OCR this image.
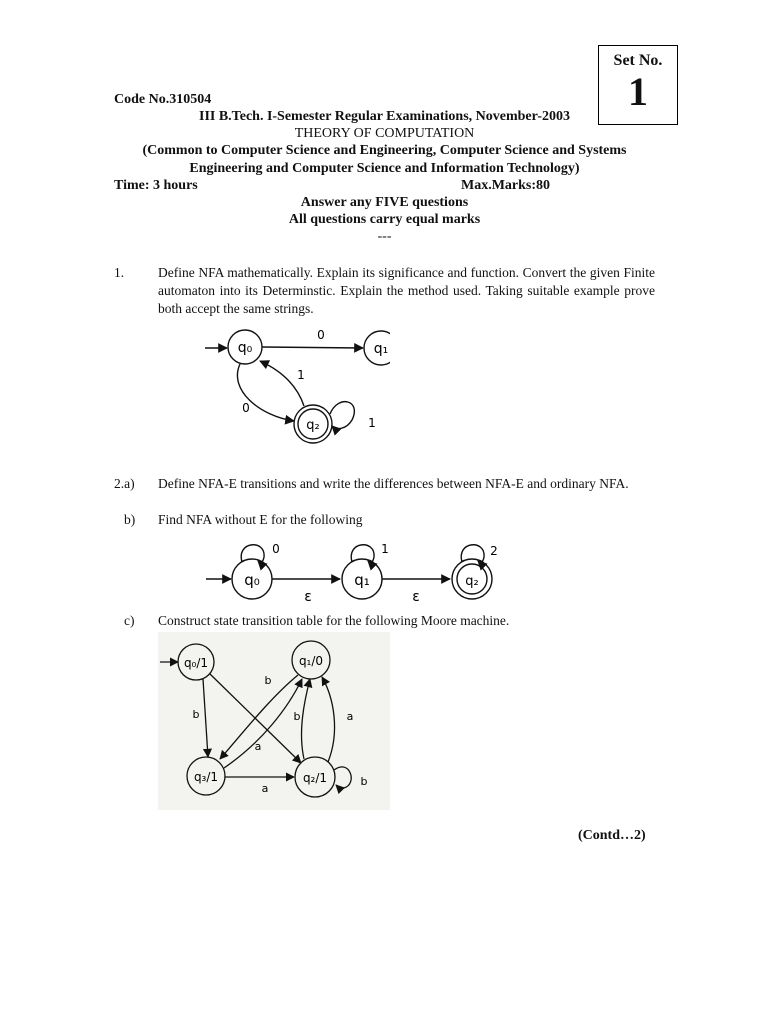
Set No.
1
Code No.310504
III B.Tech. I-Semester Regular Examinations, November-2003
THEORY OF COMPUTATION
(Common to Computer Science and Engineering, Computer Science and Systems
Engineering and Computer Science and Information Technology)
Time: 3 hours	Max.Marks:80
Answer any FIVE questions
All questions carry equal marks
---
1.	Define NFA mathematically. Explain its significance and function. Convert the given Finite automaton into its Determinstic. Explain the method used. Taking suitable example prove both accept the same strings.
q₀	q₁
q₂
0
1
0
1
2.a) Define NFA-E transitions and write the differences between NFA-E and ordinary NFA.
b) Find NFA without E for the following
q₀	q₁	q₂
0	1	2
ε	ε
c) Construct state transition table for the following Moore machine.
q₀/1	q₁/0
q₃/1	q₂/1
b
b	b	a
a
a
b
(Contd…2)
